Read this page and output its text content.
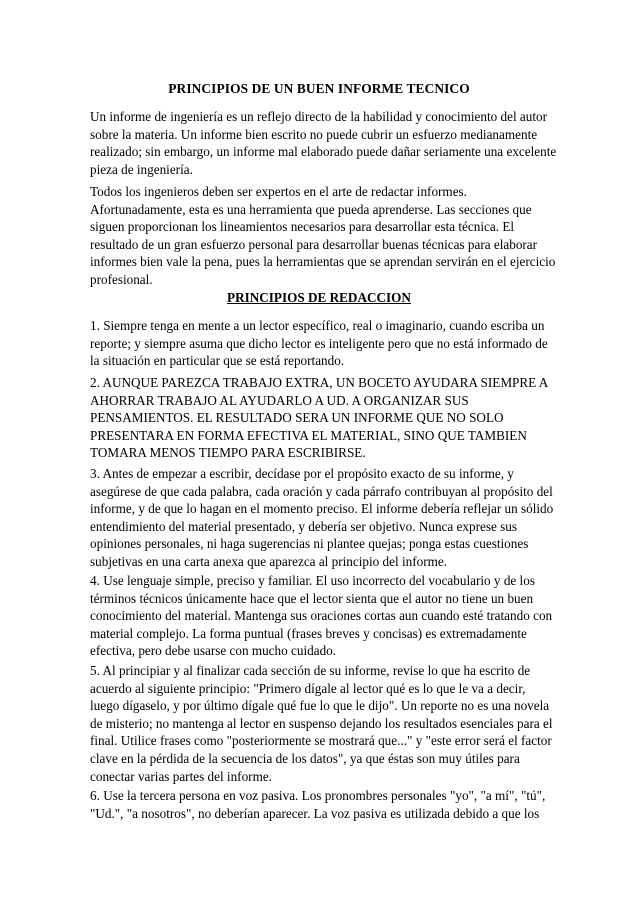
PRINCIPIOS DE UN BUEN INFORME TECNICO
Un informe de ingeniería es un reflejo directo de la habilidad y conocimiento del autor
sobre la materia. Un informe bien escrito no puede cubrir un esfuerzo medianamente
realizado; sin embargo, un informe mal elaborado puede dañar seriamente una excelente
pieza de ingeniería.
Todos los ingenieros deben ser expertos en el arte de redactar informes.
Afortunadamente, esta es una herramienta que pueda aprenderse. Las secciones que
siguen proporcionan los lineamientos necesarios para desarrollar esta técnica. El
resultado de un gran esfuerzo personal para desarrollar buenas técnicas para elaborar
informes bien vale la pena, pues la herramientas que se aprendan servirán en el ejercicio
profesional.
PRINCIPIOS DE REDACCION
1. Siempre tenga en mente a un lector específico, real o imaginario, cuando escriba un
reporte; y siempre asuma que dicho lector es inteligente pero que no está informado de
la situación en particular que se está reportando.
2. AUNQUE PAREZCA TRABAJO EXTRA, UN BOCETO AYUDARA SIEMPRE A
AHORRAR TRABAJO AL AYUDARLO A UD. A ORGANIZAR SUS
PENSAMIENTOS. EL RESULTADO SERA UN INFORME QUE NO SOLO
PRESENTARA EN FORMA EFECTIVA EL MATERIAL, SINO QUE TAMBIEN
TOMARA MENOS TIEMPO PARA ESCRIBIRSE.
3. Antes de empezar a escribir, decídase por el propósito exacto de su informe, y
asegúrese de que cada palabra, cada oración y cada párrafo contribuyan al propósito del
informe, y de que lo hagan en el momento preciso. El informe debería reflejar un sólido
entendimiento del material presentado, y debería ser objetivo. Nunca exprese sus
opiniones personales, ni haga sugerencias ni plantee quejas; ponga estas cuestiones
subjetivas en una carta anexa que aparezca al principio del informe.
4. Use lenguaje simple, preciso y familiar. El uso incorrecto del vocabulario y de los
términos técnicos únicamente hace que el lector sienta que el autor no tiene un buen
conocimiento del material. Mantenga sus oraciones cortas aun cuando esté tratando con
material complejo. La forma puntual (frases breves y concisas) es extremadamente
efectiva, pero debe usarse con mucho cuidado.
5. Al principiar y al finalizar cada sección de su informe, revise lo que ha escrito de
acuerdo al siguiente principio: "Primero dígale al lector qué es lo que le va a decir,
luego dígaselo, y por último dígale qué fue lo que le dijo". Un reporte no es una novela
de misterio; no mantenga al lector en suspenso dejando los resultados esenciales para el
final. Utilice frases como "posteriormente se mostrará que..." y "este error será el factor
clave en la pérdida de la secuencia de los datos", ya que éstas son muy útiles para
conectar varias partes del informe.
6. Use la tercera persona en voz pasiva. Los pronombres personales "yo", "a mí", "tú",
"Ud.", "a nosotros", no deberían aparecer. La voz pasiva es utilizada debido a que los
